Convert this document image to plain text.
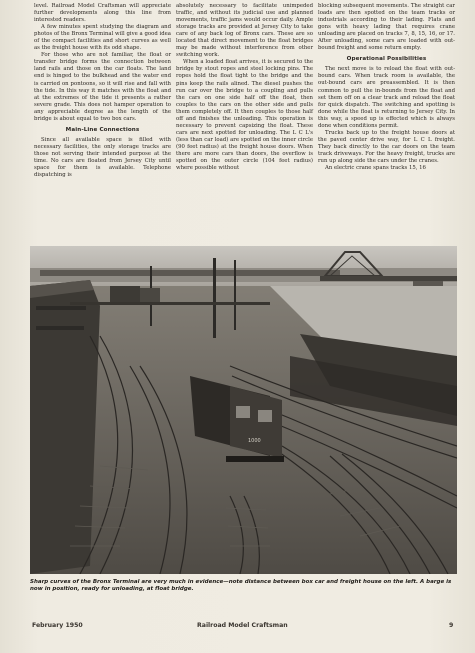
level. Railroad Model Craftsman will appreciate further developments along this line from interested readers.

A few minutes spent studying the diagram and photos of the Bronx Terminal will give a good idea of the compact facilities and short curves as well as the freight house with its odd shape.

For those who are not familiar, the float or transfer bridge forms the connection between land rails and those on the car floats. The land end is hinged to the bulkhead and the water end is carried on pontoons, so it will rise and fall with the tide. In this way it matches with the float and at the extremes of the tide it presents a rather severe grade. This does not hamper operation to any appreciable degree as the length of the bridge is about equal to two box cars.

Main-Line Connections

Since all available space is filled with necessary facilities, the only storage tracks are those not serving their intended purpose at the time. No cars are floated from Jersey City until space for them is available. Telephone dispatching is

absolutely necessary to facilitate unimpeded traffic, and without its judicial use and planned movements, traffic jams would occur daily. Ample storage tracks are provided at Jersey City to take care of any back log of Bronx cars. These are so located that direct movement to the float bridges may be made without interference from other switching work.

When a loaded float arrives, it is secured to the bridge by stout ropes and steel locking pins. The ropes hold the float tight to the bridge and the pins keep the rails alined. The diesel pushes the run car over the bridge to a coupling and pulls the cars on one side half off the float, then couples to the cars on the other side and pulls them completely off. It then couples to those half off and finishes the unloading. This operation is necessary to prevent capsizing the float. These cars are next spotted for unloading. The L C L's (less than car load) are spotted on the inner circle (90 feet radius) at the freight house doors. When there are more cars than doors, the overflow is spotted on the outer circle (104 feet radius) where possible without

blocking subsequent movements. The straight car loads are then spotted on the team tracks or industrials according to their lading. Flats and gons with heavy lading that requires crane unloading are placed on tracks 7, 8, 15, 16, or 17. After unloading, some cars are loaded with out-bound freight and some return empty.

Operational Possibilities

The next move is to reload the float with out-bound cars. When track room is available, the out-bound cars are preassembled. It is then common to pull the in-bounds from the float and set them off on a clear track and reload the float for quick dispatch. The switching and spotting is done while the float is returning to Jersey City. In this way, a speed up is effected which is always done when conditions permit.

Trucks back up to the freight house doors at the paved center drive way, for L C L freight. They back directly to the car doors on the team track driveways. For the heavy freight, trucks are run up along side the cars under the cranes.

An electric crane spans tracks 15, 16

1000
Sharp curves of the Bronx Terminal are very much in evidence—note distance between box car and freight house on the left. A barge is now in position, ready for unloading, at float bridge.
February 1950	Railroad Model Craftsman	9
